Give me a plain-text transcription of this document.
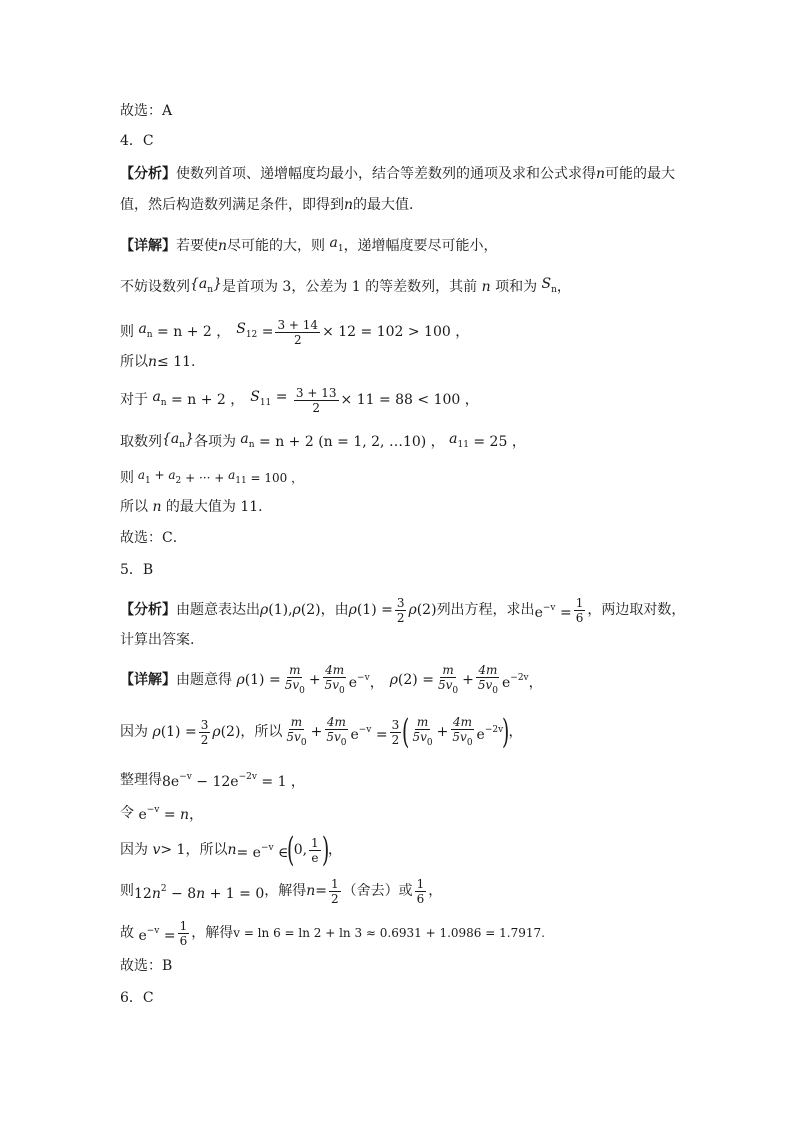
故选：A
4．C
【分析】 使数列首项、递增幅度均最小，结合等差数列的通项及求和公式求得 n 可能的最大
值，然后构造数列满足条件，即得到 n 的最大值．
【详解】 若要使 n 尽可能的大，则 $a_1$ ，递增幅度要尽可能小，
不妨设数列 $\{a_n\}$ 是首项为 3，公差为 1 的等差数列，其前 n 项和为 $S_n$ ，
则 $a_n = n + 2$ ， $S_{12} = \frac{3 + 14}{2} \times 12 = 102 > 100$ ，
所以 n ≤ 11.
对于 $a_n = n + 2$ ， $S_{11} = \frac{3 + 13}{2} \times 11 = 88 < 100$ ，
取数列 $\{a_n\}$ 各项为 $a_n = n + 2$ (n = 1, 2, …10) ， $a_{11} = 25$ ，
则 $a_1 + a_2$ + ··· + $a_{11} = 100$ ，
所以 n 的最大值为 11．
故选：C．
5．B
【分析】 由题意表达出 ρ (1), ρ (2) ，由 ρ $(1) = \frac{3}{2}$ ρ (2) 列出方程，求出 $e^{-v} = \frac{1}{6}$ ，两边取对数，
计算出答案.
【详解】 由题意得 ρ $(1) = \frac{m}{5v_0} + \frac{4m}{5v_0} e^{-v}$， ρ $(2) = \frac{m}{5v_0} + \frac{4m}{5v_0} e^{-2v}$，
因为 ρ $(1) = \frac{3}{2}$ ρ (2) ，所以 $\frac{m}{5v_0} + \frac{4m}{5v_0} e^{-v} = \frac{3}{2}$ ( $\frac{m}{5v_0} + \frac{4m}{5v_0} e^{-2v}$
)
，
整理得 $8e^{-v} - 12e^{-2v} = 1$ ，
令 $e^{-v} = n$，
因为 v > 1 ，所以 $n = e^{-v}$ ∈
(
0, $\frac{1}{e}$ )
，
则 $12n^2 - 8n + 1 = 0$ ，解得 $n = \frac{1}{2}$ （舍去）或 $\frac{1}{6}$ ，
故 $e^{-v} = \frac{1}{6}$ ，解得 v = ln 6 = ln 2 + ln 3 ≈ 0.6931 + 1.0986 = 1.7917.
故选：B
6．C
